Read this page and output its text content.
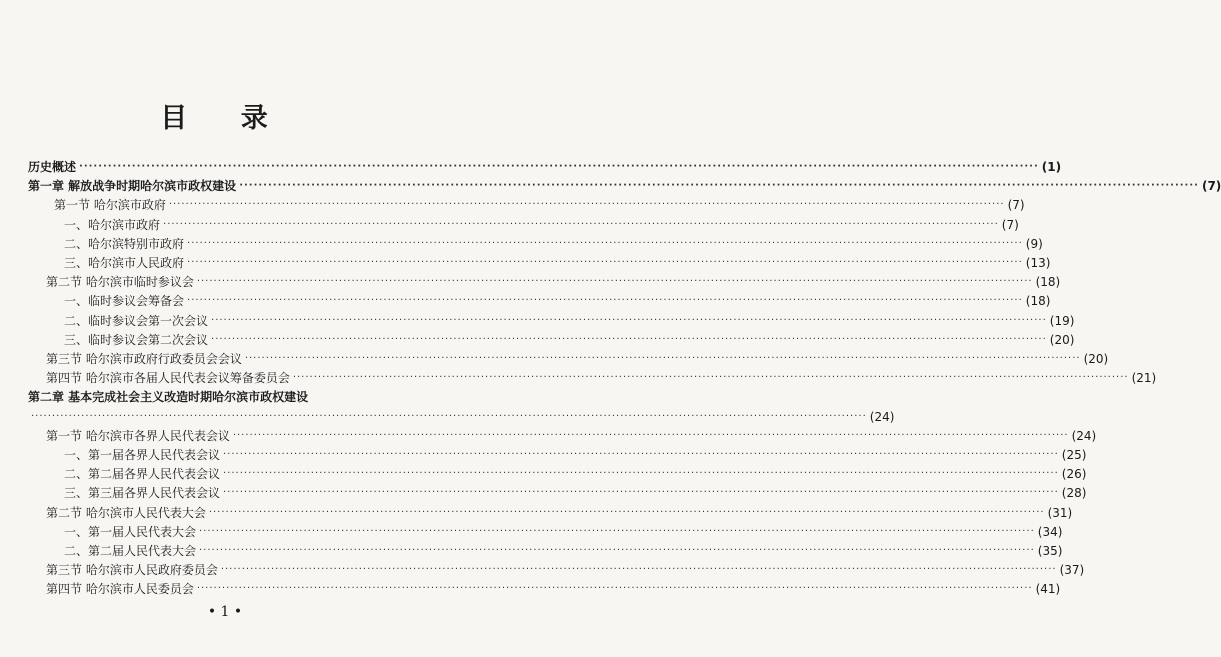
目 录
历史概述 ········································································································································································································ ( 1 )
第一章 解放战争时期哈尔滨市政权建设 ········································································································································································································ ( 7 )
第一节 哈尔滨市政府 ········································································································································································································ ( 7 )
一、哈尔滨市政府 ········································································································································································································ ( 7 )
二、哈尔滨特别市政府 ········································································································································································································ ( 9 )
三、哈尔滨市人民政府 ········································································································································································································ ( 13 )
第二节 哈尔滨市临时参议会 ········································································································································································································ ( 18 )
一、临时参议会筹备会 ········································································································································································································ ( 18 )
二、临时参议会第一次会议 ········································································································································································································ ( 19 )
三、临时参议会第二次会议 ········································································································································································································ ( 20 )
第三节 哈尔滨市政府行政委员会会议 ········································································································································································································ ( 20 )
第四节 哈尔滨市各届人民代表会议筹备委员会 ········································································································································································································ ( 21 )
第二章 基本完成社会主义改造时期哈尔滨市政权建设
········································································································································································································ ( 24 )
第一节 哈尔滨市各界人民代表会议 ········································································································································································································ ( 24 )
一、第一届各界人民代表会议 ········································································································································································································ ( 25 )
二、第二届各界人民代表会议 ········································································································································································································ ( 26 )
三、第三届各界人民代表会议 ········································································································································································································ ( 28 )
第二节 哈尔滨市人民代表大会 ········································································································································································································ ( 31 )
一、第一届人民代表大会 ········································································································································································································ ( 34 )
二、第二届人民代表大会 ········································································································································································································ ( 35 )
第三节 哈尔滨市人民政府委员会 ········································································································································································································ ( 37 )
第四节 哈尔滨市人民委员会 ········································································································································································································ ( 41 )
• 1 •
